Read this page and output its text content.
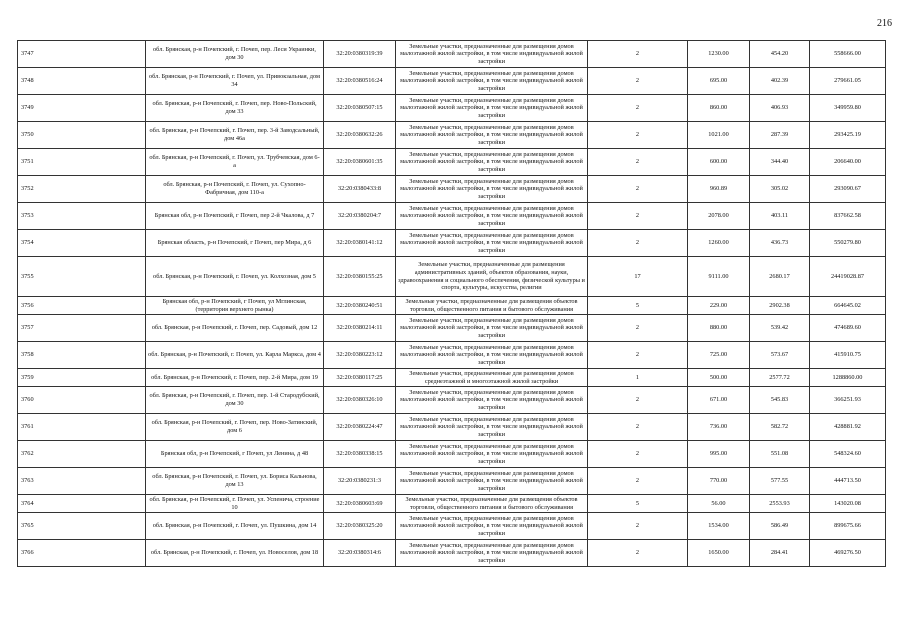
216
3747	обл. Брянская, р-н Почепский, г. Почеп, пер. Леси Украинки, дом 30	32:20:0380319:39	Земельные участки, предназначенные для размещения домов малоэтажной жилой застройки, в том числе индивидуальной жилой застройки	2	1230.00	454.20	558666.00
3748	обл. Брянская, р-н Почепский, г. Почеп, ул. Привокзальная, дом 34	32:20:0380516:24	Земельные участки, предназначенные для размещения домов малоэтажной жилой застройки, в том числе индивидуальной жилой застройки	2	695.00	402.39	279661.05
3749	обл. Брянская, р-н Почепский, г. Почеп, пер. Ново-Польский, дом 33	32:20:0380507:15	Земельные участки, предназначенные для размещения домов малоэтажной жилой застройки, в том числе индивидуальной жилой застройки	2	860.00	406.93	349959.80
3750	обл. Брянская, р-н Почепский, г. Почеп, пер. 3-й Заводсальный, дом 46а	32:20:0380632:26	Земельные участки, предназначенные для размещения домов малоэтажной жилой застройки, в том числе индивидуальной жилой застройки	2	1021.00	287.39	293425.19
3751	обл. Брянская, р-н Почепский, г. Почеп, ул. Трубчевская, дом 6-а	32:20:0380601:35	Земельные участки, предназначенные для размещения домов малоэтажной жилой застройки, в том числе индивидуальной жилой застройки	2	600.00	344.40	206640.00
3752	обл. Брянская, р-н Почепский, г. Почеп, ул. Сухопно-Фабричная, дом 110-а	32:20:0380433:8	Земельные участки, предназначенные для размещения домов малоэтажной жилой застройки, в том числе индивидуальной жилой застройки	2	960.89	305.02	293090.67
3753	Брянская обл, р-н Почепский, г Почеп, пер 2-й Чкалова, д 7	32:20:0380204:7	Земельные участки, предназначенные для размещения домов малоэтажной жилой застройки, в том числе индивидуальной жилой застройки	2	2078.00	403.11	837662.58
3754	Брянская область, р-н Почепский, г Почеп, пер Мира, д 6	32:20:0380141:12	Земельные участки, предназначенные для размещения домов малоэтажной жилой застройки, в том числе индивидуальной жилой застройки	2	1260.00	436.73	550279.80
3755	обл. Брянская, р-н Почепский, г. Почеп, ул. Колхозная, дом 5	32:20:0380155:25	Земельные участки, предназначенные для размещения административных зданий, объектов образования, науки, здравоохранения и социального обеспечения, физической культуры и спорта, культуры, искусства, религии	17	9111.00	2680.17	24419028.87
3756	Брянская обл, р-н Почепский, г Почеп, ул Мглинская, (территория верхнего рынка)	32:20:0380240:51	Земельные участки, предназначенные для размещения объектов торговли, общественного питания и бытового обслуживания	5	229.00	2902.38	664645.02
3757	обл. Брянская, р-н Почепский, г. Почеп, пер. Садовый, дом 12	32:20:0380214:11	Земельные участки, предназначенные для размещения домов малоэтажной жилой застройки, в том числе индивидуальной жилой застройки	2	880.00	539.42	474689.60
3758	обл. Брянская, р-н Почепский, г. Почеп, ул. Карла Маркса, дом 4	32:20:0380223:12	Земельные участки, предназначенные для размещения домов малоэтажной жилой застройки, в том числе индивидуальной жилой застройки	2	725.00	573.67	415910.75
3759	обл. Брянская, р-н Почепский, г. Почеп, пер. 2-й Мира, дом 19	32:20:0380117:25	Земельные участки, предназначенные для размещения домов среднеэтажной и многоэтажной жилой застройки	1	500.00	2577.72	1288860.00
3760	обл. Брянская, р-н Почепский, г. Почеп, пер. 1-й Стародубский, дом 30	32:20:0380326:10	Земельные участки, предназначенные для размещения домов малоэтажной жилой застройки, в том числе индивидуальной жилой застройки	2	671.00	545.83	366251.93
3761	обл. Брянская, р-н Почепский, г. Почеп, пер. Ново-Затинский, дом 6	32:20:0380224:47	Земельные участки, предназначенные для размещения домов малоэтажной жилой застройки, в том числе индивидуальной жилой застройки	2	736.00	582.72	428881.92
3762	Брянская обл, р-н Почепский, г Почеп, ул Ленина, д 48	32:20:0380338:15	Земельные участки, предназначенные для размещения домов малоэтажной жилой застройки, в том числе индивидуальной жилой застройки	2	995.00	551.08	548324.60
3763	обл. Брянская, р-н Почепский, г. Почеп, ул. Бориса Кальнова, дом 13	32:20:0380231:3	Земельные участки, предназначенные для размещения домов малоэтажной жилой застройки, в том числе индивидуальной жилой застройки	2	770.00	577.55	444713.50
3764	обл. Брянская, р-н Почепский, г. Почеп, ул. Успенича, строение 10	32:20:0380603:69	Земельные участки, предназначенные для размещения объектов торговли, общественного питания и бытового обслуживания	5	56.00	2553.93	143020.08
3765	обл. Брянская, р-н Почепский, г. Почеп, ул. Пушкина, дом 14	32:20:0380325:20	Земельные участки, предназначенные для размещения домов малоэтажной жилой застройки, в том числе индивидуальной жилой застройки	2	1534.00	586.49	899675.66
3766	обл. Брянская, р-н Почепский, г. Почеп, ул. Новоселов, дом 18	32:20:0380314:6	Земельные участки, предназначенные для размещения домов малоэтажной жилой застройки, в том числе индивидуальной жилой застройки	2	1650.00	284.41	469276.50
